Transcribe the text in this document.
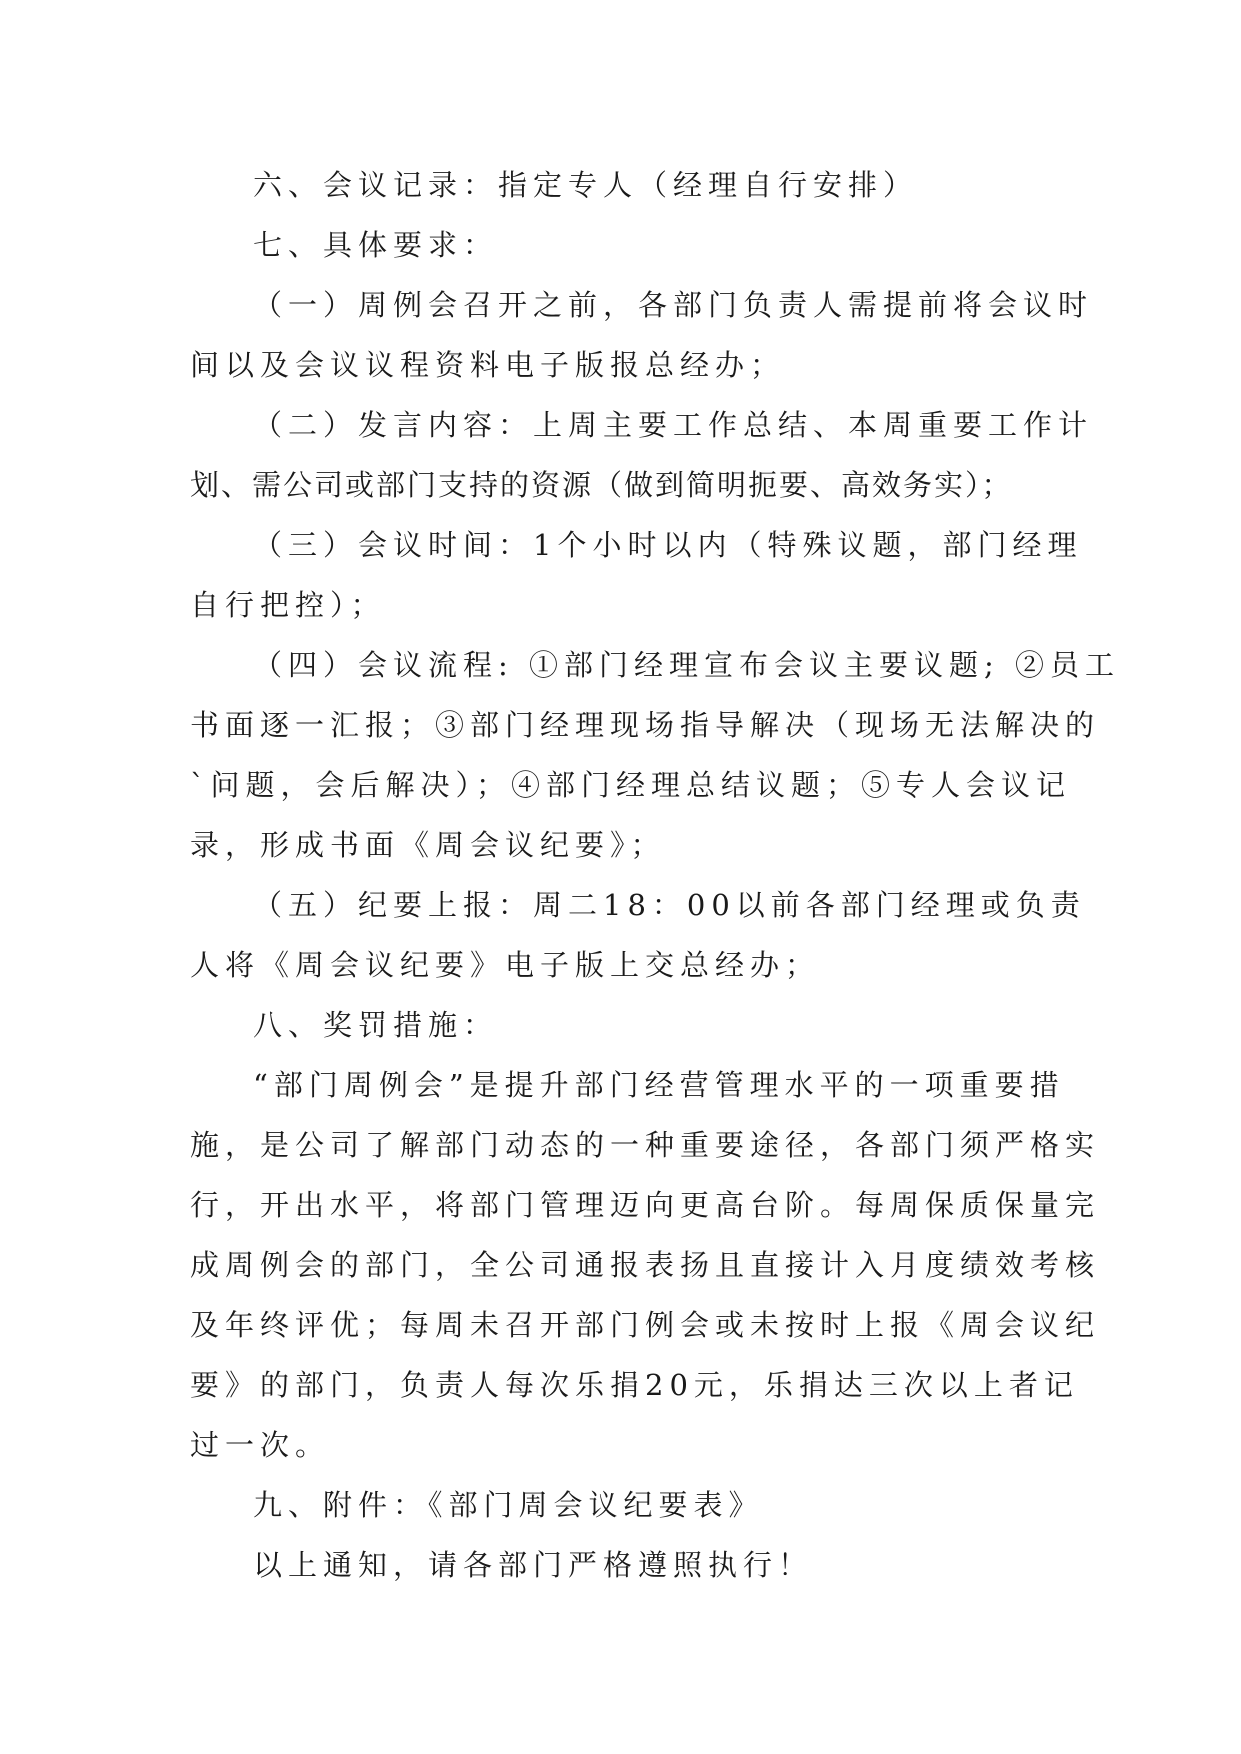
六、会议记录：指定专人（经理自行安排）
七、具体要求：
（一）周例会召开之前，各部门负责人需提前将会议时
间以及会议议程资料电子版报总经办；
（二）发言内容：上周主要工作总结、本周重要工作计
划、需公司或部门支持的资源（做到简明扼要、高效务实）；
（三）会议时间：1个小时以内（特殊议题，部门经理
自行把控）；
（四）会议流程: ①部门经理宣布会议主要议题; ②员工
书面逐一汇报；③部门经理现场指导解决（现场无法解决的
`问题，会后解决）；④部门经理总结议题；⑤专人会议记
录，形成书面《周会议纪要》；
（五）纪要上报：周二18：00以前各部门经理或负责
人将《周会议纪要》电子版上交总经办；
八、奖罚措施：
“部门周例会”是提升部门经营管理水平的一项重要措
施，是公司了解部门动态的一种重要途径，各部门须严格实
行，开出水平，将部门管理迈向更高台阶。每周保质保量完
成周例会的部门，全公司通报表扬且直接计入月度绩效考核
及年终评优；每周未召开部门例会或未按时上报《周会议纪
要》的部门，负责人每次乐捐20元，乐捐达三次以上者记
过一次。
九、附件：《部门周会议纪要表》
以上通知，请各部门严格遵照执行！
